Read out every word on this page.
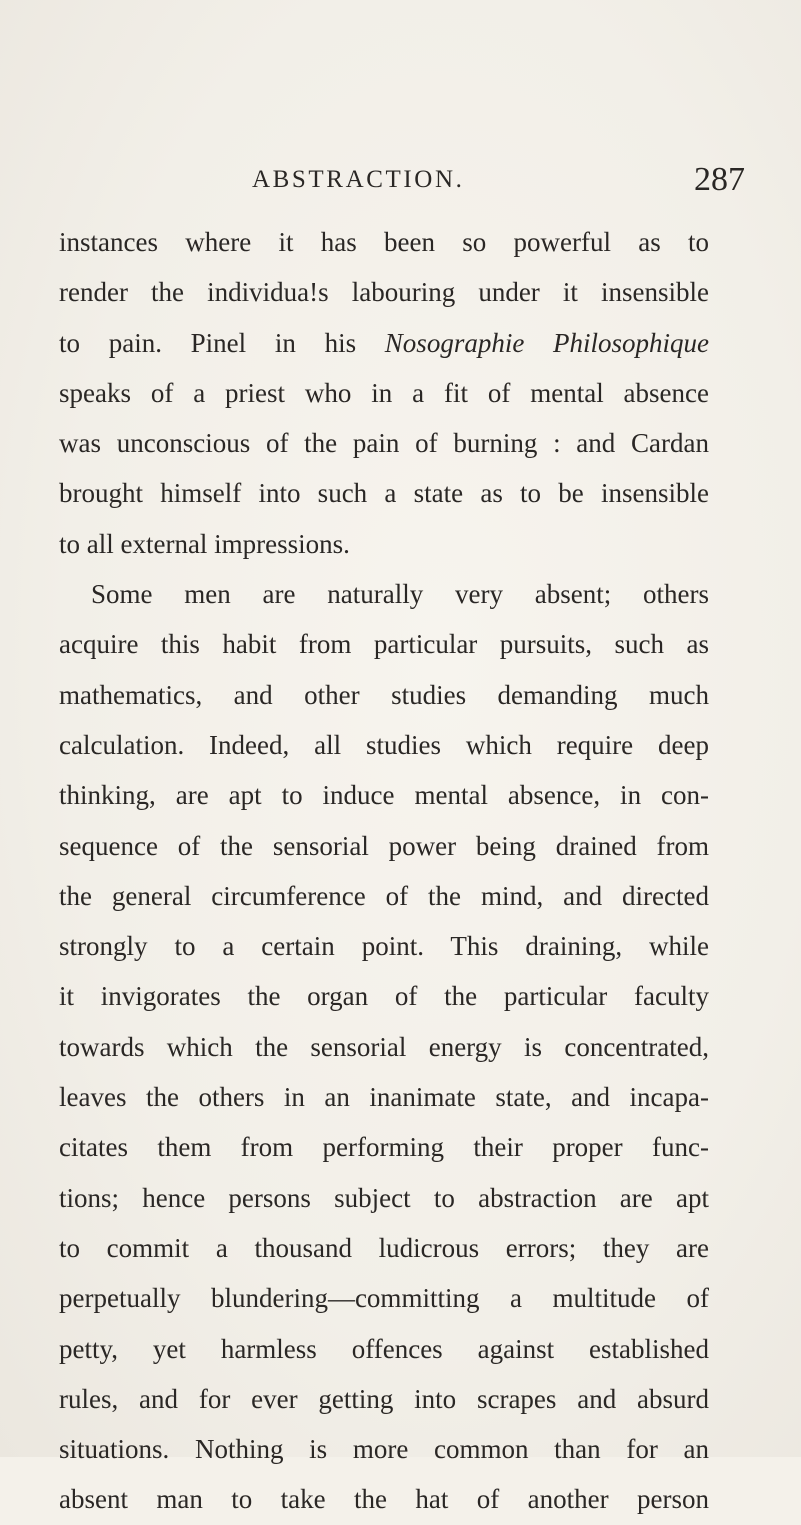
ABSTRACTION.	287
instances where it has been so powerful as to
render the individua!s labouring under it insensible
to pain. Pinel in his Nosographie Philosophique
speaks of a priest who in a fit of mental absence
was unconscious of the pain of burning : and Cardan
brought himself into such a state as to be insensible
to all external impressions.
Some men are naturally very absent; others
acquire this habit from particular pursuits, such as
mathematics, and other studies demanding much
calculation. Indeed, all studies which require deep
thinking, are apt to induce mental absence, in con-
sequence of the sensorial power being drained from
the general circumference of the mind, and directed
strongly to a certain point. This draining, while
it invigorates the organ of the particular faculty
towards which the sensorial energy is concentrated,
leaves the others in an inanimate state, and incapa-
citates them from performing their proper func-
tions; hence persons subject to abstraction are apt
to commit a thousand ludicrous errors; they are
perpetually blundering—committing a multitude of
petty, yet harmless offences against established
rules, and for ever getting into scrapes and absurd
situations. Nothing is more common than for an
absent man to take the hat of another person
